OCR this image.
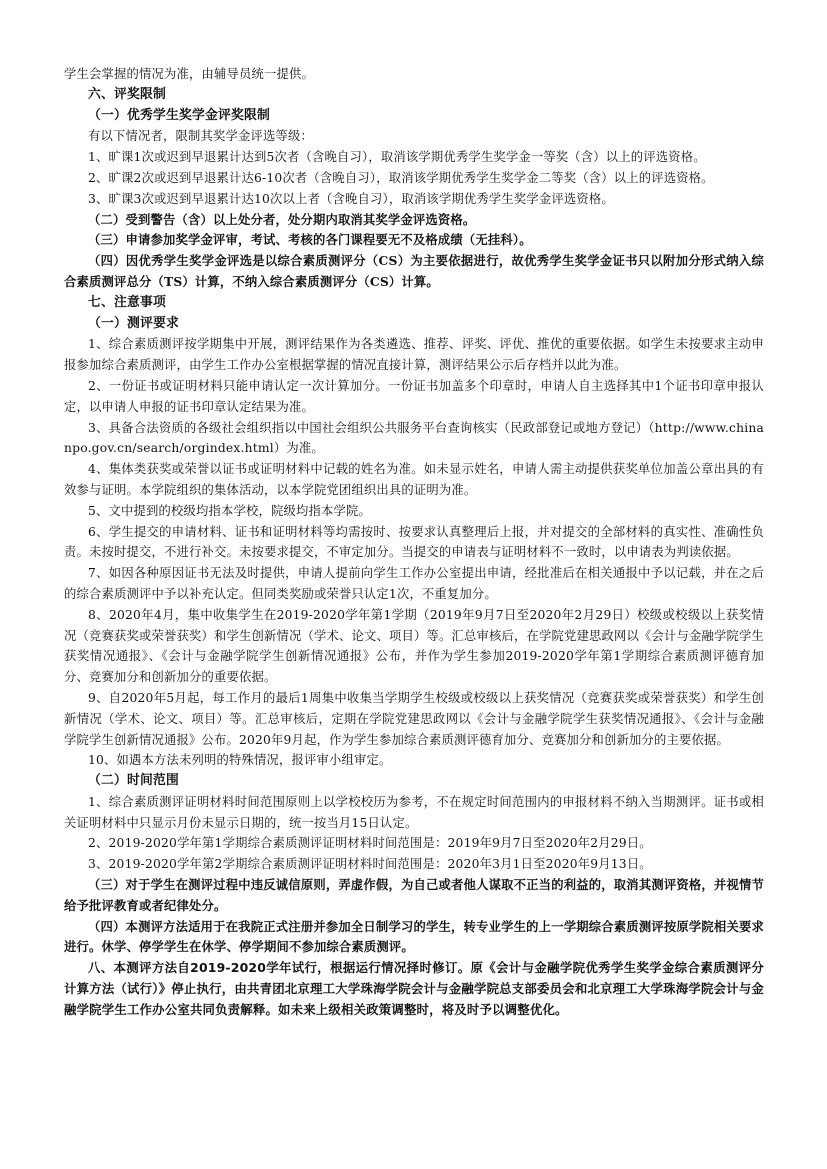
学生会掌握的情况为准，由辅导员统一提供。

六、评奖限制

（一）优秀学生奖学金评奖限制

有以下情况者，限制其奖学金评选等级：

1、旷课1次或迟到早退累计达到5次者（含晚自习），取消该学期优秀学生奖学金一等奖（含）以上的评选资格。

2、旷课2次或迟到早退累计达6-10次者（含晚自习），取消该学期优秀学生奖学金二等奖（含）以上的评选资格。

3、旷课3次或迟到早退累计达10次以上者（含晚自习），取消该学期优秀学生奖学金评选资格。

（二）受到警告（含）以上处分者，处分期内取消其奖学金评选资格。

（三）申请参加奖学金评审，考试、考核的各门课程要无不及格成绩（无挂科）。

（四）因优秀学生奖学金评选是以综合素质测评分（CS）为主要依据进行，故优秀学生奖学金证书只以附加分形式纳入综合素质测评总分（TS）计算，不纳入综合素质测评分（CS）计算。

七、注意事项

（一）测评要求

1、综合素质测评按学期集中开展，测评结果作为各类遴选、推荐、评奖、评优、推优的重要依据。如学生未按要求主动申报参加综合素质测评，由学生工作办公室根据掌握的情况直接计算，测评结果公示后存档并以此为准。

2、一份证书或证明材料只能申请认定一次计算加分。一份证书加盖多个印章时，申请人自主选择其中1个证书印章申报认定，以申请人申报的证书印章认定结果为准。

3、具备合法资质的各级社会组织指以中国社会组织公共服务平台查询核实（民政部登记或地方登记）（http://www.chinanpo.gov.cn/search/orgindex.html）为准。

4、集体类获奖或荣誉以证书或证明材料中记载的姓名为准。如未显示姓名，申请人需主动提供获奖单位加盖公章出具的有效参与证明。本学院组织的集体活动，以本学院党团组织出具的证明为准。

5、文中提到的校级均指本学校，院级均指本学院。

6、学生提交的申请材料、证书和证明材料等均需按时、按要求认真整理后上报，并对提交的全部材料的真实性、准确性负责。未按时提交，不进行补交。未按要求提交，不审定加分。当提交的申请表与证明材料不一致时，以申请表为判读依据。

7、如因各种原因证书无法及时提供，申请人提前向学生工作办公室提出申请，经批准后在相关通报中予以记载，并在之后的综合素质测评中予以补充认定。但同类奖励或荣誉只认定1次，不重复加分。

8、2020年4月，集中收集学生在2019-2020学年第1学期（2019年9月7日至2020年2月29日）校级或校级以上获奖情况（竞赛获奖或荣誉获奖）和学生创新情况（学术、论文、项目）等。汇总审核后，在学院党建思政网以《会计与金融学院学生获奖情况通报》、《会计与金融学院学生创新情况通报》公布，并作为学生参加2019-2020学年第1学期综合素质测评德育加分、竞赛加分和创新加分的重要依据。

9、自2020年5月起，每工作月的最后1周集中收集当学期学生校级或校级以上获奖情况（竞赛获奖或荣誉获奖）和学生创新情况（学术、论文、项目）等。汇总审核后，定期在学院党建思政网以《会计与金融学院学生获奖情况通报》、《会计与金融学院学生创新情况通报》公布。2020年9月起，作为学生参加综合素质测评德育加分、竞赛加分和创新加分的主要依据。

10、如遇本方法未列明的特殊情况，报评审小组审定。

（二）时间范围

1、综合素质测评证明材料时间范围原则上以学校校历为参考，不在规定时间范围内的申报材料不纳入当期测评。证书或相关证明材料中只显示月份未显示日期的，统一按当月15日认定。

2、2019-2020学年第1学期综合素质测评证明材料时间范围是：2019年9月7日至2020年2月29日。

3、2019-2020学年第2学期综合素质测评证明材料时间范围是：2020年3月1日至2020年9月13日。

（三）对于学生在测评过程中违反诚信原则，弄虚作假，为自己或者他人谋取不正当的利益的，取消其测评资格，并视情节给予批评教育或者纪律处分。

（四）本测评方法适用于在我院正式注册并参加全日制学习的学生，转专业学生的上一学期综合素质测评按原学院相关要求进行。休学、停学学生在休学、停学期间不参加综合素质测评。

八、本测评方法自2019-2020学年试行，根据运行情况择时修订。原《会计与金融学院优秀学生奖学金综合素质测评分计算方法（试行）》停止执行，由共青团北京理工大学珠海学院会计与金融学院总支部委员会和北京理工大学珠海学院会计与金融学院学生工作办公室共同负责解释。如未来上级相关政策调整时，将及时予以调整优化。
